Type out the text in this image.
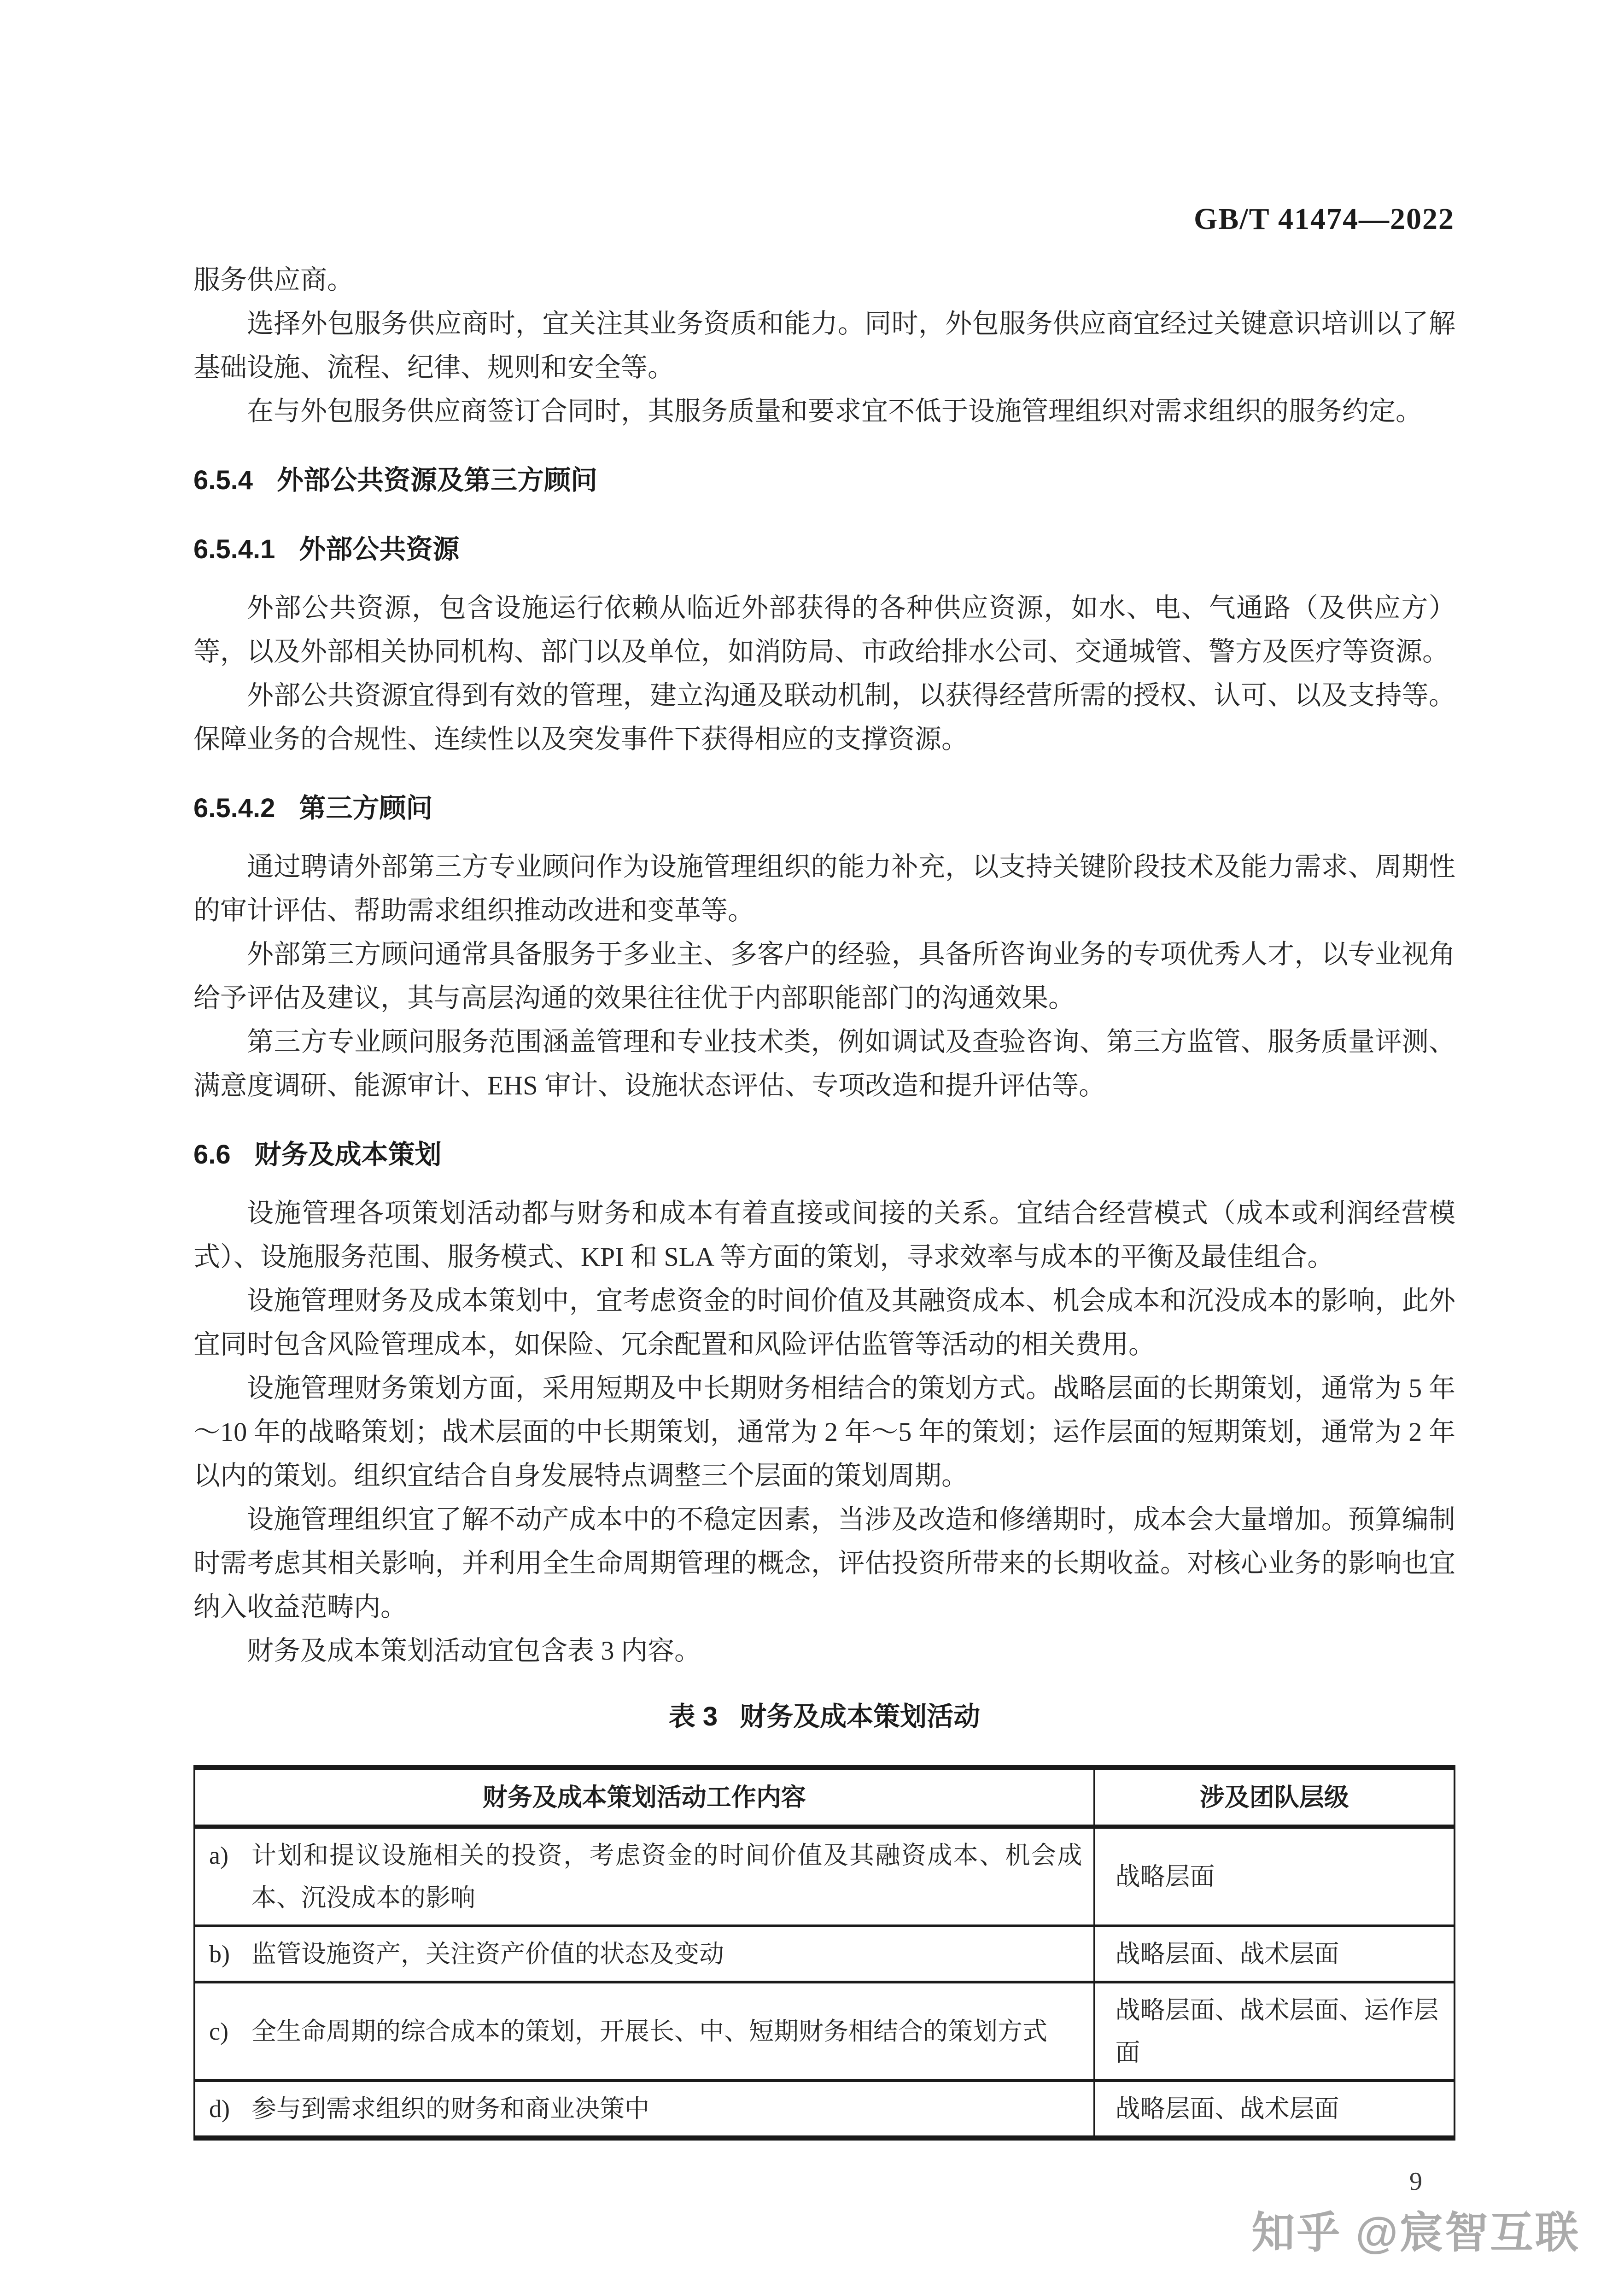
GB/T 41474—2022

服务供应商。

选择外包服务供应商时，宜关注其业务资质和能力。同时，外包服务供应商宜经过关键意识培训以了解基础设施、流程、纪律、规则和安全等。

在与外包服务供应商签订合同时，其服务质量和要求宜不低于设施管理组织对需求组织的服务约定。

6.5.4 外部公共资源及第三方顾问
6.5.4.1 外部公共资源

外部公共资源，包含设施运行依赖从临近外部获得的各种供应资源，如水、电、气通路（及供应方）等，以及外部相关协同机构、部门以及单位，如消防局、市政给排水公司、交通城管、警方及医疗等资源。

外部公共资源宜得到有效的管理，建立沟通及联动机制，以获得经营所需的授权、认可、以及支持等。保障业务的合规性、连续性以及突发事件下获得相应的支撑资源。

6.5.4.2 第三方顾问

通过聘请外部第三方专业顾问作为设施管理组织的能力补充，以支持关键阶段技术及能力需求、周期性的审计评估、帮助需求组织推动改进和变革等。

外部第三方顾问通常具备服务于多业主、多客户的经验，具备所咨询业务的专项优秀人才，以专业视角给予评估及建议，其与高层沟通的效果往往优于内部职能部门的沟通效果。

第三方专业顾问服务范围涵盖管理和专业技术类，例如调试及查验咨询、第三方监管、服务质量评测、满意度调研、能源审计、EHS 审计、设施状态评估、专项改造和提升评估等。

6.6 财务及成本策划

设施管理各项策划活动都与财务和成本有着直接或间接的关系。宜结合经营模式（成本或利润经营模式）、设施服务范围、服务模式、KPI 和 SLA 等方面的策划，寻求效率与成本的平衡及最佳组合。

设施管理财务及成本策划中，宜考虑资金的时间价值及其融资成本、机会成本和沉没成本的影响，此外宜同时包含风险管理成本，如保险、冗余配置和风险评估监管等活动的相关费用。

设施管理财务策划方面，采用短期及中长期财务相结合的策划方式。战略层面的长期策划，通常为 5 年～10 年的战略策划；战术层面的中长期策划，通常为 2 年～5 年的策划；运作层面的短期策划，通常为 2 年以内的策划。组织宜结合自身发展特点调整三个层面的策划周期。

设施管理组织宜了解不动产成本中的不稳定因素，当涉及改造和修缮期时，成本会大量增加。预算编制时需考虑其相关影响，并利用全生命周期管理的概念，评估投资所带来的长期收益。对核心业务的影响也宜纳入收益范畴内。

财务及成本策划活动宜包含表 3 内容。

表 3 财务及成本策划活动
财务及成本策划活动工作内容	涉及团队层级

a) 计划和提议设施相关的投资，考虑资金的时间价值及其融资成本、机会成本、沉没成本的影响	战略层面

b) 监管设施资产，关注资产价值的状态及变动	战略层面、战术层面

c) 全生命周期的综合成本的策划，开展长、中、短期财务相结合的策划方式	战略层面、战术层面、运作层面

d) 参与到需求组织的财务和商业决策中	战略层面、战术层面
9
知乎 @宸智互联
